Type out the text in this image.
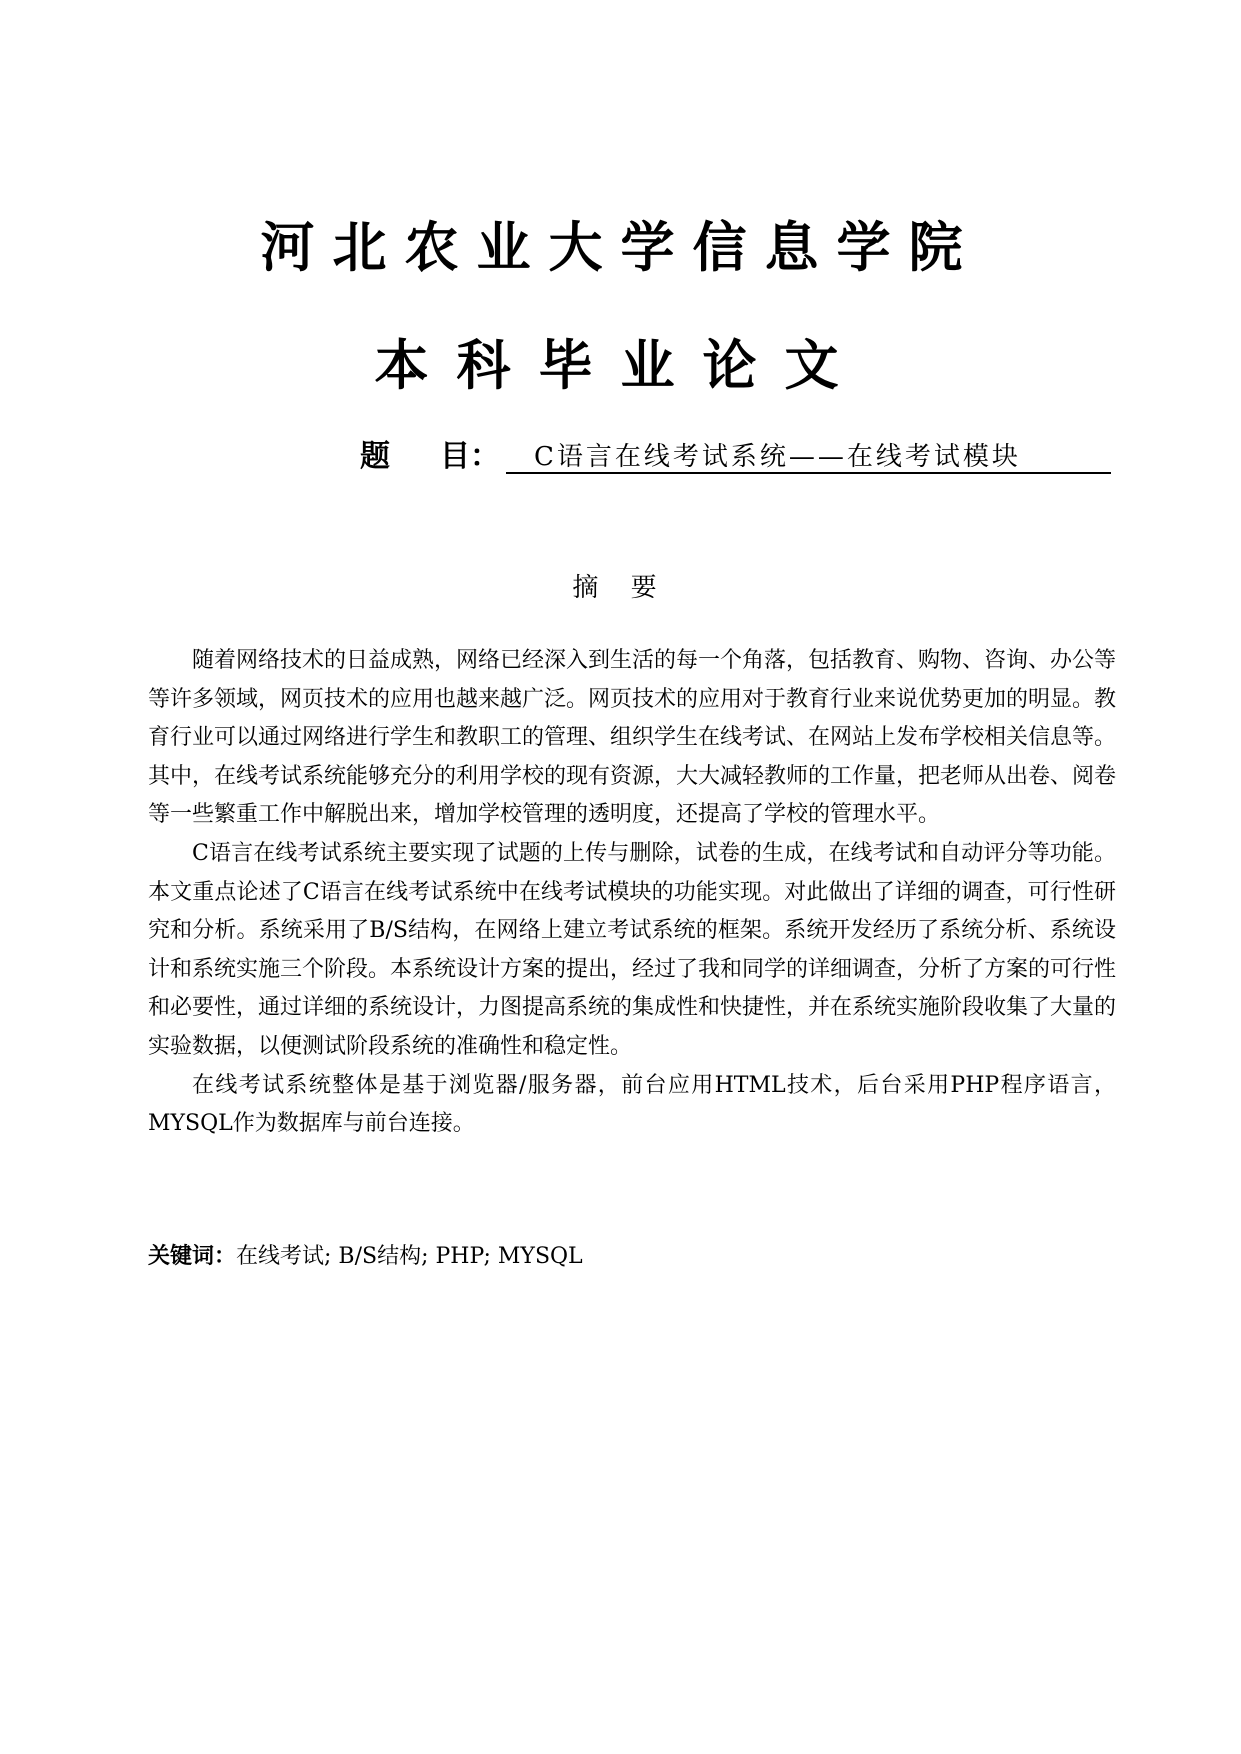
河北农业大学信息学院
本科毕业论文
题 目：	C语言在线考试系统——在线考试模块
摘 要

随着网络技术的日益成熟，网络已经深入到生活的每一个角落，包括教育、购物、咨询、办公等等许多领域，网页技术的应用也越来越广泛。网页技术的应用对于教育行业来说优势更加的明显。教育行业可以通过网络进行学生和教职工的管理、组织学生在线考试、在网站上发布学校相关信息等。其中，在线考试系统能够充分的利用学校的现有资源，大大减轻教师的工作量，把老师从出卷、阅卷等一些繁重工作中解脱出来，增加学校管理的透明度，还提高了学校的管理水平。

C语言在线考试系统主要实现了试题的上传与删除，试卷的生成，在线考试和自动评分等功能。本文重点论述了C语言在线考试系统中在线考试模块的功能实现。对此做出了详细的调查，可行性研究和分析。系统采用了B/S结构，在网络上建立考试系统的框架。系统开发经历了系统分析、系统设计和系统实施三个阶段。本系统设计方案的提出，经过了我和同学的详细调查，分析了方案的可行性和必要性，通过详细的系统设计，力图提高系统的集成性和快捷性，并在系统实施阶段收集了大量的实验数据，以便测试阶段系统的准确性和稳定性。

在线考试系统整体是基于浏览器/服务器，前台应用HTML技术，后台采用PHP程序语言，MYSQL作为数据库与前台连接。

关键词：在线考试; B/S结构; PHP; MYSQL
